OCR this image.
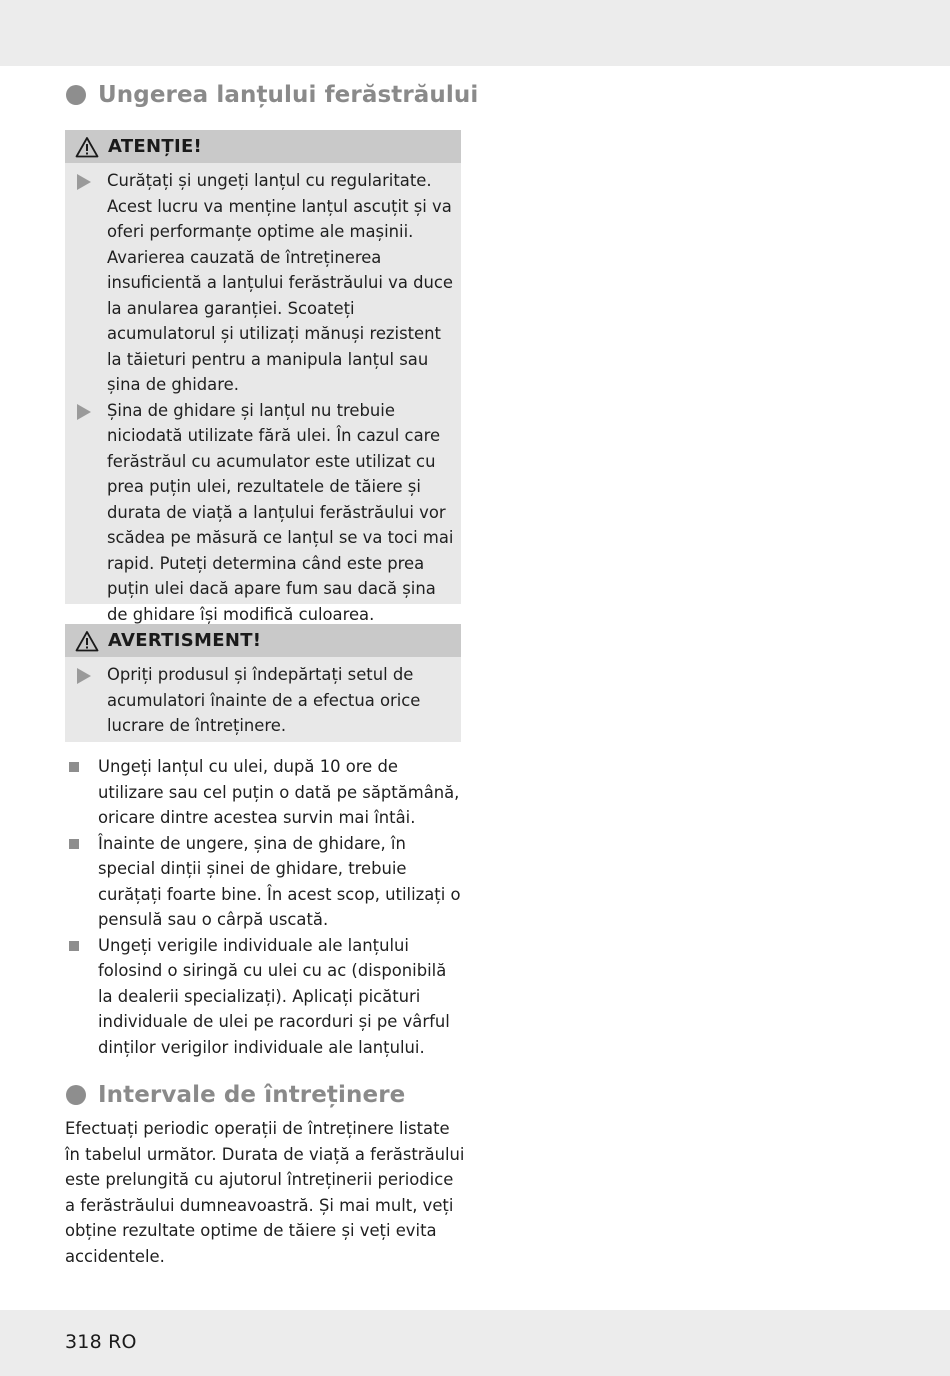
Ungerea lanțului ferăstrăului
ATENȚIE!

Curățați și ungeți lanțul cu regularitate. Acest lucru va menține lanțul ascuțit și va oferi performanțe optime ale mașinii. Avarierea cauzată de întreținerea insuficientă a lanțului ferăstrăului va duce la anularea garanției. Scoateți acumulatorul și utilizați mănuși rezistent la tăieturi pentru a manipula lanțul sau șina de ghidare.

Șina de ghidare și lanțul nu trebuie niciodată utilizate fără ulei. În cazul care ferăstrăul cu acumulator este utilizat cu prea puțin ulei, rezultatele de tăiere și durata de viață a lanțului ferăstrăului vor scădea pe măsură ce lanțul se va toci mai rapid. Puteți determina când este prea puțin ulei dacă apare fum sau dacă șina de ghidare își modifică culoarea.

AVERTISMENT!

Opriți produsul și îndepărtați setul de acumulatori înainte de a efectua orice lucrare de întreținere.

Ungeți lanțul cu ulei, după 10 ore de utilizare sau cel puțin o dată pe săptămână, oricare dintre acestea survin mai întâi.

Înainte de ungere, șina de ghidare, în special dinții șinei de ghidare, trebuie curățați foarte bine. În acest scop, utilizați o pensulă sau o cârpă uscată.

Ungeți verigile individuale ale lanțului folosind o siringă cu ulei cu ac (disponibilă la dealerii specializați). Aplicați picături individuale de ulei pe racorduri și pe vârful dinților verigilor individuale ale lanțului.

Intervale de întreținere

Efectuați periodic operații de întreținere listate în tabelul următor. Durata de viață a ferăstrăului este prelungită cu ajutorul întreținerii periodice a ferăstrăului dumneavoastră. Și mai mult, veți obține rezultate optime de tăiere și veți evita accidentele.

318 RO
